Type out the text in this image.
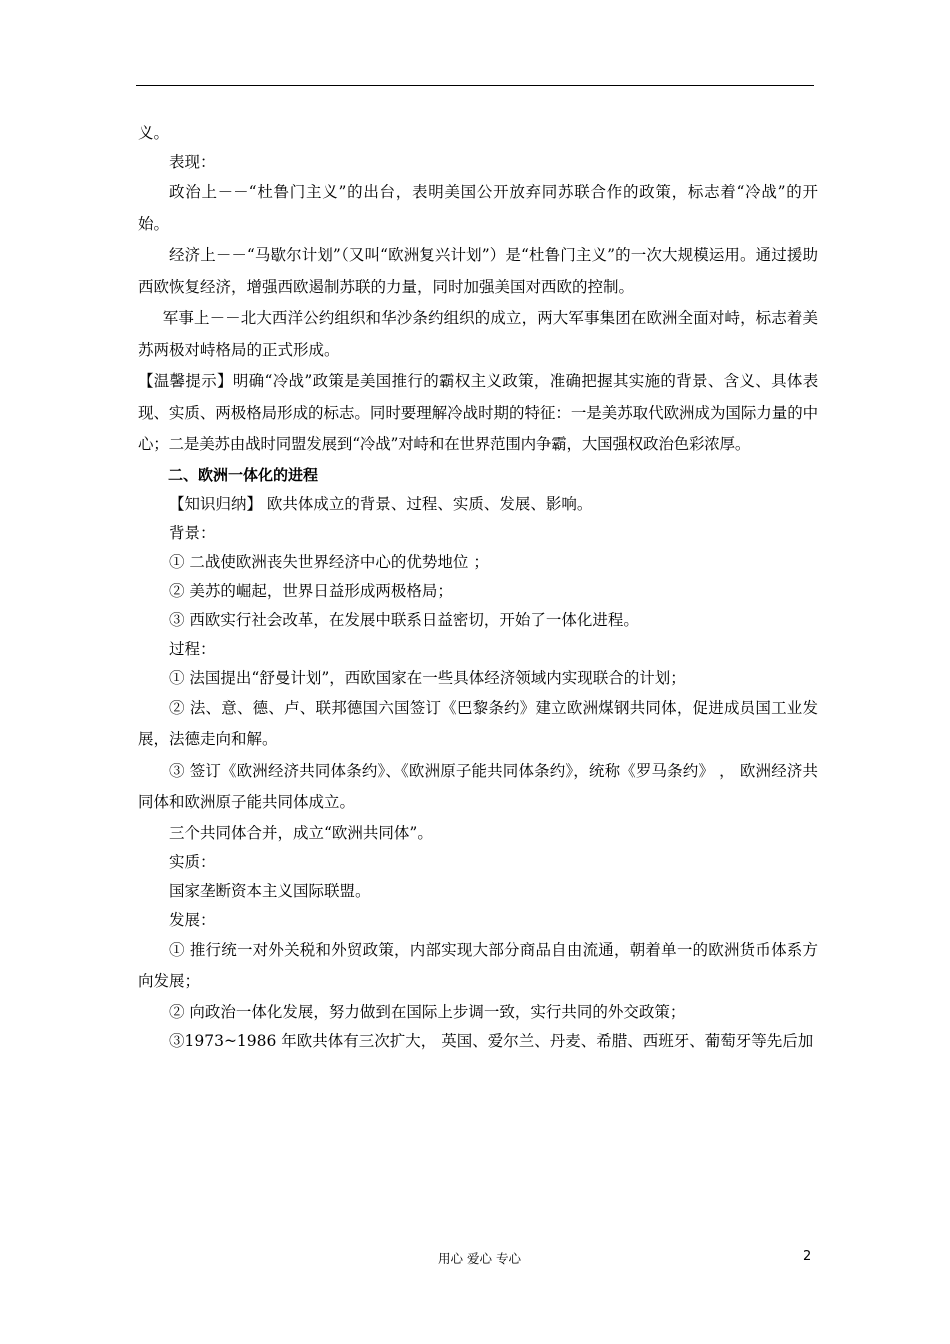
义。

表现：

政治上－－“杜鲁门主义”的出台，表明美国公开放弃同苏联合作的政策，标志着“冷战”的开始。

经济上－－“马歇尔计划”（又叫“欧洲复兴计划”）是“杜鲁门主义”的一次大规模运用。通过援助西欧恢复经济，增强西欧遏制苏联的力量，同时加强美国对西欧的控制。

军事上－－北大西洋公约组织和华沙条约组织的成立，两大军事集团在欧洲全面对峙，标志着美苏两极对峙格局的正式形成。

【温馨提示】明确“冷战”政策是美国推行的霸权主义政策，准确把握其实施的背景、含义、具体表现、实质、两极格局形成的标志。同时要理解冷战时期的特征：一是美苏取代欧洲成为国际力量的中心；二是美苏由战时同盟发展到“冷战”对峙和在世界范围内争霸，大国强权政治色彩浓厚。

二、欧洲一体化的进程

【知识归纳】 欧共体成立的背景、过程、实质、发展、影响。

背景：

① 二战使欧洲丧失世界经济中心的优势地位 ；

② 美苏的崛起，世界日益形成两极格局；

③ 西欧实行社会改革，在发展中联系日益密切，开始了一体化进程。

过程：

① 法国提出“舒曼计划”，西欧国家在一些具体经济领域内实现联合的计划；

② 法、意、德、卢、联邦德国六国签订《巴黎条约》建立欧洲煤钢共同体，促进成员国工业发展，法德走向和解。

③ 签订《欧洲经济共同体条约》、《欧洲原子能共同体条约》，统称《罗马条约》 ， 欧洲经济共同体和欧洲原子能共同体成立。

三个共同体合并，成立“欧洲共同体”。

实质：

国家垄断资本主义国际联盟。

发展：

① 推行统一对外关税和外贸政策，内部实现大部分商品自由流通，朝着单一的欧洲货币体系方向发展；

② 向政治一体化发展，努力做到在国际上步调一致，实行共同的外交政策；

③1973~1986 年欧共体有三次扩大， 英国、爱尔兰、丹麦、希腊、西班牙、葡萄牙等先后加

用心 爱心 专心	2
